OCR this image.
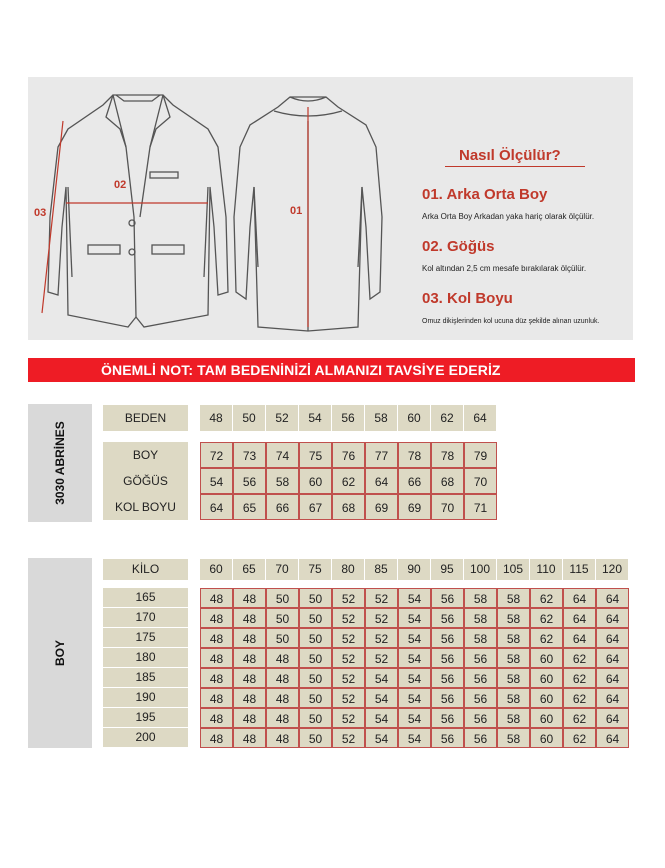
03
02
01
Nasıl Ölçülür?
01. Arka Orta Boy
Arka Orta Boy Arkadan yaka hariç olarak ölçülür.
02. Göğüs
Kol altından 2,5 cm mesafe bırakılarak ölçülür.
03. Kol Boyu
Omuz dikişlerinden kol ucuna düz şekilde alınan uzunluk.
ÖNEMLİ NOT: TAM BEDENİNİZİ ALMANIZI TAVSİYE EDERİZ
3030 ABRİNES
BEDEN	48	50	52	54	56	58	60	62	64
BOY	72	73	74	75	76	77	78	78	79
GÖĞÜS	54	56	58	60	62	64	66	68	70
KOL BOYU	64	65	66	67	68	69	69	70	71
BOY
KİLO	60	65	70	75	80	85	90	95	100	105	110	115	120
165	48	48	50	50	52	52	54	56	58	58	62	64	64
170	48	48	50	50	52	52	54	56	58	58	62	64	64
175	48	48	50	50	52	52	54	56	58	58	62	64	64
180	48	48	48	50	52	52	54	56	56	58	60	62	64
185	48	48	48	50	52	54	54	56	56	58	60	62	64
190	48	48	48	50	52	54	54	56	56	58	60	62	64
195	48	48	48	50	52	54	54	56	56	58	60	62	64
200	48	48	48	50	52	54	54	56	56	58	60	62	64
